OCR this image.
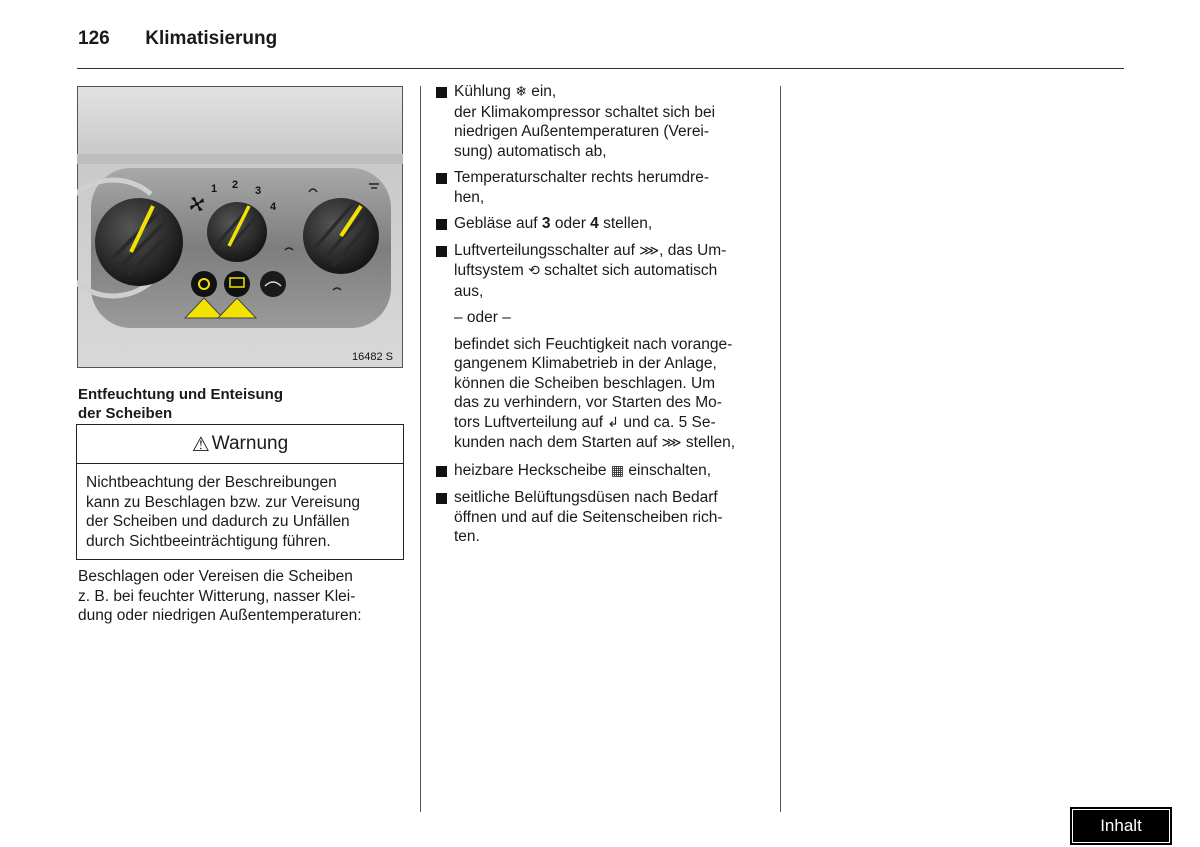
126 Klimatisierung
1 2 3
4
16482 S
Entfeuchtung und Enteisung
der Scheiben
⚠ Warnung
Nichtbeachtung der Beschreibungen
kann zu Beschlagen bzw. zur Vereisung
der Scheiben und dadurch zu Unfällen
durch Sichtbeeinträchtigung führen.
Beschlagen oder Vereisen die Scheiben
z. B. bei feuchter Witterung, nasser Klei-
dung oder niedrigen Außentemperaturen:
Kühlung ❄ ein,
der Klimakompressor schaltet sich bei
niedrigen Außentemperaturen (Verei-
sung) automatisch ab,
Temperaturschalter rechts herumdre-
hen,
Gebläse auf 3 oder 4 stellen,
Luftverteilungsschalter auf ⋙, das Um-
luftsystem ⟲ schaltet sich automatisch
aus,
– oder –
befindet sich Feuchtigkeit nach vorange-
gangenem Klimabetrieb in der Anlage,
können die Scheiben beschlagen. Um
das zu verhindern, vor Starten des Mo-
tors Luftverteilung auf ↲ und ca. 5 Se-
kunden nach dem Starten auf ⋙ stellen,
heizbare Heckscheibe ▦ einschalten,
seitliche Belüftungsdüsen nach Bedarf
öffnen und auf die Seitenscheiben rich-
ten.
Inhalt
